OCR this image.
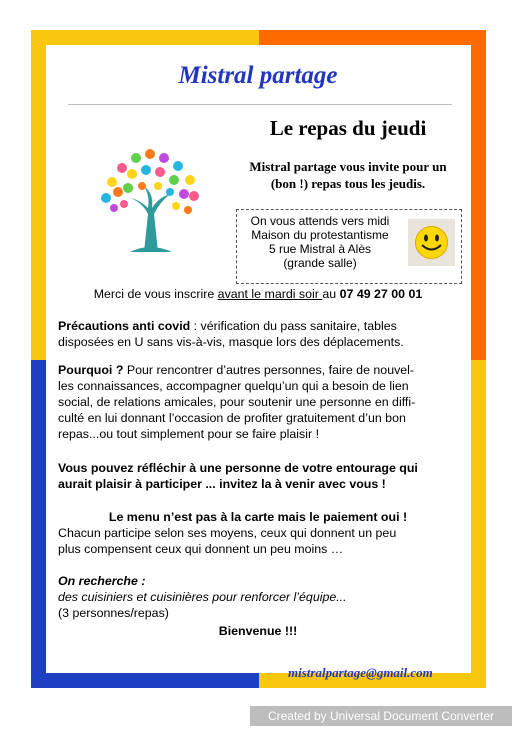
Mistral partage
Le repas du jeudi
Mistral partage vous invite pour un
(bon !) repas tous les jeudis.
On vous attends vers midi
Maison du protestantisme
5 rue Mistral à Alès
(grande salle)
Merci de vous inscrire avant le mardi soir au 07 49 27 00 01
Précautions anti covid : vérification du pass sanitaire, tables
disposées en U sans vis-à-vis, masque lors des déplacements.
Pourquoi ? Pour rencontrer d’autres personnes, faire de nouvel-
les connaissances, accompagner quelqu’un qui a besoin de lien
social, de relations amicales, pour soutenir une personne en diffi-
culté en lui donnant l’occasion de profiter gratuitement d’un bon
repas...ou tout simplement pour se faire plaisir !
Vous pouvez réfléchir à une personne de votre entourage qui
aurait plaisir à participer ... invitez la à venir avec vous !
Le menu n’est pas à la carte mais le paiement oui !
Chacun participe selon ses moyens, ceux qui donnent un peu
plus compensent ceux qui donnent un peu moins …
On recherche :
des cuisiniers et cuisinières pour renforcer l’équipe...
(3 personnes/repas)
Bienvenue !!!
mistralpartage@gmail.com
Created by Universal Document Converter
